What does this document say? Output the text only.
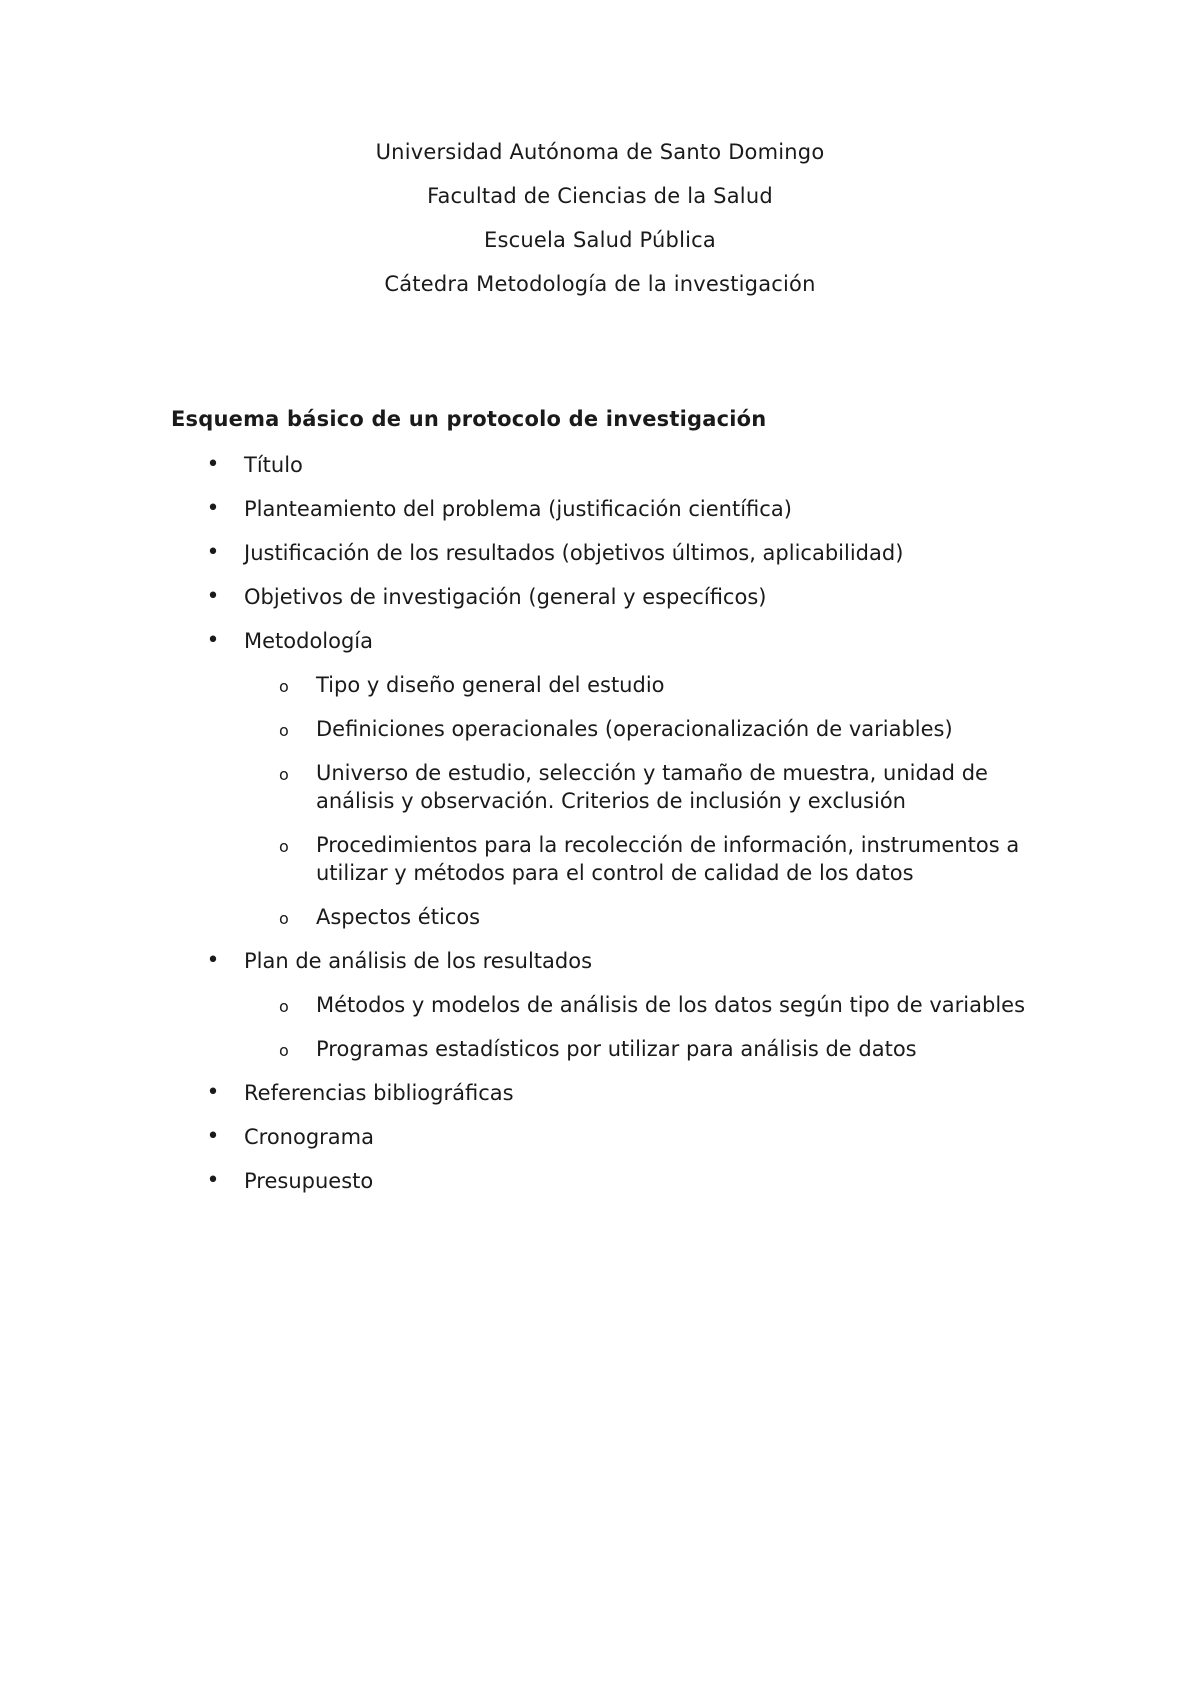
Universidad Autónoma de Santo Domingo

Facultad de Ciencias de la Salud

Escuela Salud Pública

Cátedra Metodología de la investigación

Esquema básico de un protocolo de investigación
• Título
• Planteamiento del problema (justificación científica)
• Justificación de los resultados (objetivos últimos, aplicabilidad)
• Objetivos de investigación (general y específicos)
• Metodología
o	Tipo y diseño general del estudio
o	Definiciones operacionales (operacionalización de variables)
o	Universo de estudio, selección y tamaño de muestra, unidad de análisis y observación. Criterios de inclusión y exclusión
o	Procedimientos para la recolección de información, instrumentos a utilizar y métodos para el control de calidad de los datos
o	Aspectos éticos
• Plan de análisis de los resultados
o	Métodos y modelos de análisis de los datos según tipo de variables
o	Programas estadísticos por utilizar para análisis de datos
• Referencias bibliográficas
• Cronograma
• Presupuesto
